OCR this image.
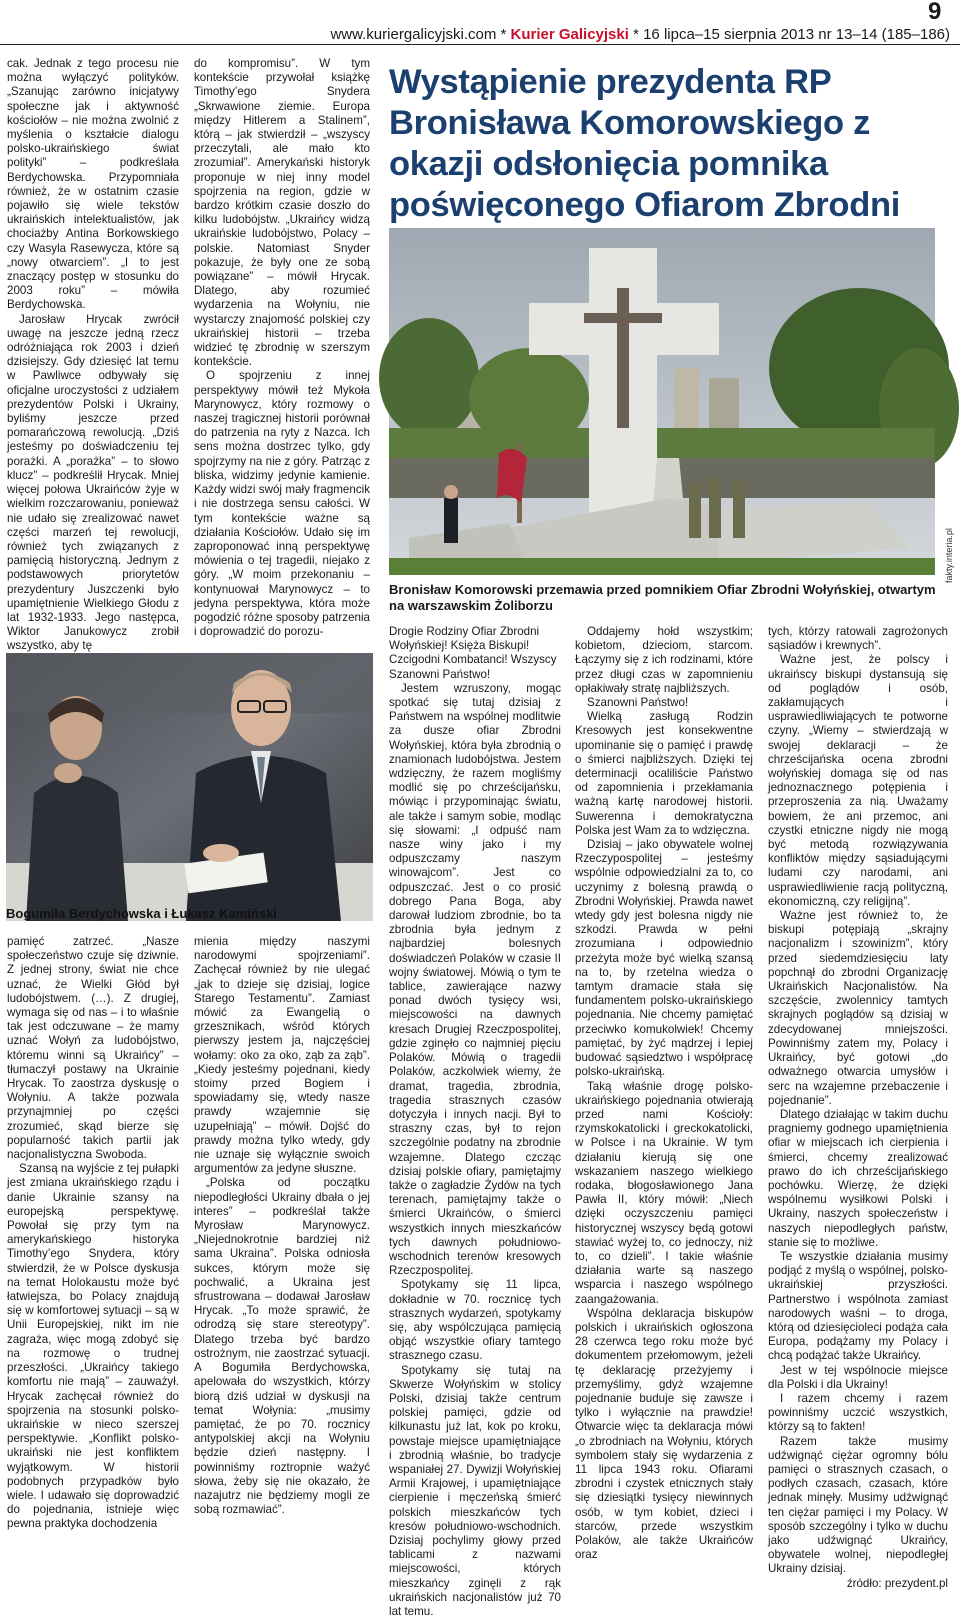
9
www.kuriergalicyjski.com * Kurier Galicyjski * 16 lipca–15 sierpnia 2013 nr 13–14 (185–186)

cak. Jednak z tego procesu nie można wyłączyć polityków. „Szanując zarówno inicjatywy społeczne jak i aktywność kościołów – nie można zwolnić z myślenia o kształcie dialogu polsko-ukraińskiego świat polityki” – podkreślała Berdychowska. Przypomniała również, że w ostatnim czasie pojawiło się wiele tekstów ukraińskich intelektualistów, jak chociażby Antina Borkowskiego czy Wasyla Rasewycza, które są „nowy otwarciem”. „I to jest znaczący postęp w stosunku do 2003 roku” – mówiła Berdychowska.

Jarosław Hrycak zwrócił uwagę na jeszcze jedną rzecz odróżniająca rok 2003 i dzień dzisiejszy. Gdy dziesięć lat temu w Pawliwce odbywały się oficjalne uroczystości z udziałem prezydentów Polski i Ukrainy, byliśmy jeszcze przed pomarańczową rewolucją. „Dziś jesteśmy po doświadczeniu tej porażki. A „porażka” – to słowo klucz” – podkreślił Hrycak. Mniej więcej połowa Ukraińców żyje w wielkim rozczarowaniu, ponieważ nie udało się zrealizować nawet części marzeń tej rewolucji, również tych związanych z pamięcią historyczną. Jednym z podstawowych priorytetów prezydentury Juszczenki było upamiętnienie Wielkiego Głodu z lat 1932-1933. Jego następca, Wiktor Janukowycz zrobił wszystko, aby tę

do kompromisu”. W tym kontekście przywołał książkę Timothy’ego Snydera „Skrwawione ziemie. Europa między Hitlerem a Stalinem”, którą – jak stwierdził – „wszyscy przeczytali, ale mało kto zrozumiał”. Amerykański historyk proponuje w niej inny model spojrzenia na region, gdzie w bardzo krótkim czasie doszło do kilku ludobójstw. „Ukraińcy widzą ukraińskie ludobójstwo, Polacy – polskie. Natomiast Snyder pokazuje, że były one ze sobą powiązane” – mówił Hrycak. Dlatego, aby rozumieć wydarzenia na Wołyniu, nie wystarczy znajomość polskiej czy ukraińskiej historii – trzeba widzieć tę zbrodnię w szerszym kontekście.

O spojrzeniu z innej perspektywy mówił też Mykoła Marynowycz, który rozmowy o naszej tragicznej historii porównał do patrzenia na ryty z Nazca. Ich sens można dostrzec tylko, gdy spojrzymy na nie z góry. Patrząc z bliska, widzimy jedynie kamienie. Każdy widzi swój mały fragmencik i nie dostrzega sensu całości. W tym kontekście ważne są działania Kościołów. Udało się im zaproponować inną perspektywę mówienia o tej tragedii, niejako z góry. „W moim przekonaniu – kontynuował Marynowycz – to jedyna perspektywa, która może pogodzić różne sposoby patrzenia i doprowadzić do porozu-

Bogumiła Berdychowska i Łukasz Kamiński

pamięć zatrzeć. „Nasze społeczeństwo czuje się dziwnie. Z jednej strony, świat nie chce uznać, że Wielki Głód był ludobójstwem. (…). Z drugiej, wymaga się od nas – i to właśnie tak jest odczuwane – że mamy uznać Wołyń za ludobójstwo, któremu winni są Ukraińcy” – tłumaczył postawy na Ukrainie Hrycak. To zaostrza dyskusję o Wołyniu. A także pozwala przynajmniej po części zrozumieć, skąd bierze się popularność takich partii jak nacjonalistyczna Swoboda.

Szansą na wyjście z tej pułapki jest zmiana ukraińskiego rządu i danie Ukrainie szansy na europejską perspektywę. Powołał się przy tym na amerykańskiego historyka Timothy’ego Snydera, który stwierdził, że w Polsce dyskusja na temat Holokaustu może być łatwiejsza, bo Polacy znajdują się w komfortowej sytuacji – są w Unii Europejskiej, nikt im nie zagraża, więc mogą zdobyć się na rozmowę o trudnej przeszłości. „Ukraińcy takiego komfortu nie mają” – zauważył. Hrycak zachęcał również do spojrzenia na stosunki polsko-ukraińskie w nieco szerszej perspektywie. „Konflikt polsko-ukraiński nie jest konfliktem wyjątkowym. W historii podobnych przypadków było wiele. I udawało się doprowadzić do pojednania, istnieje więc pewna praktyka dochodzenia

mienia między naszymi narodowymi spojrzeniami”. Zachęcał również by nie ulegać „jak to dzieje się dzisiaj, logice Starego Testamentu”. Zamiast mówić za Ewangelią o grzesznikach, wśród których pierwszy jestem ja, najczęściej wołamy: oko za oko, ząb za ząb”. „Kiedy jesteśmy pojednani, kiedy stoimy przed Bogiem i spowiadamy się, wtedy nasze prawdy wzajemnie się uzupełniają” – mówił. Dojść do prawdy można tylko wtedy, gdy nie uznaje się wyłącznie swoich argumentów za jedyne słuszne.

„Polska od początku niepodległości Ukrainy dbała o jej interes” – podkreślał także Myrosław Marynowycz. „Niejednokrotnie bardziej niż sama Ukraina”. Polska odniosła sukces, którym może się pochwalić, a Ukraina jest sfrustrowana – dodawał Jarosław Hrycak. „To może sprawić, że odrodzą się stare stereotypy”. Dlatego trzeba być bardzo ostrożnym, nie zaostrzać sytuacji. A Bogumiła Berdychowska, apelowała do wszystkich, którzy biorą dziś udział w dyskusji na temat Wołynia: „musimy pamiętać, że po 70. rocznicy antypolskiej akcji na Wołyniu będzie dzień następny. I powinniśmy roztropnie ważyć słowa, żeby się nie okazało, że nazajutrz nie będziemy mogli ze sobą rozmawiać”.

Wystąpienie prezydenta RP Bronisława Komorowskiego z okazji odsłonięcia pomnika poświęconego Ofiarom Zbrodni
fakty.interia.pl
Bronisław Komorowski przemawia przed pomnikiem Ofiar Zbrodni Wołyńskiej, otwartym na warszawskim Żoliborzu

Drogie Rodziny Ofiar Zbrodni Wołyńskiej! Księża Biskupi! Czcigodni Kombatanci! Wszyscy Szanowni Państwo!

Jestem wzruszony, mogąc spotkać się tutaj dzisiaj z Państwem na wspólnej modlitwie za dusze ofiar Zbrodni Wołyńskiej, która była zbrodnią o znamionach ludobójstwa. Jestem wdzięczny, że razem mogliśmy modlić się po chrześcijańsku, mówiąc i przypominając światu, ale także i samym sobie, modląc się słowami: „I odpuść nam nasze winy jako i my odpuszczamy naszym winowajcom”. Jest co odpuszczać. Jest o co prosić dobrego Pana Boga, aby darował ludziom zbrodnie, bo ta zbrodnia była jednym z najbardziej bolesnych doświadczeń Polaków w czasie II wojny światowej. Mówią o tym te tablice, zawierające nazwy ponad dwóch tysięcy wsi, miejscowości na dawnych kresach Drugiej Rzeczpospolitej, gdzie zginęło co najmniej pięciu Polaków. Mówią o tragedii Polaków, aczkolwiek wiemy, że dramat, tragedia, zbrodnia, tragedia strasznych czasów dotyczyła i innych nacji. Był to straszny czas, był to rejon szczególnie podatny na zbrodnie wzajemne. Dlatego czcząc dzisiaj polskie ofiary, pamiętajmy także o zagładzie Żydów na tych terenach, pamiętajmy także o śmierci Ukraińców, o śmierci wszystkich innych mieszkańców tych dawnych południowo-wschodnich terenów kresowych Rzeczpospolitej.

Spotykamy się 11 lipca, dokładnie w 70. rocznicę tych strasznych wydarzeń, spotykamy się, aby wspólczująca pamięcią objąć wszystkie ofiary tamtego strasznego czasu.

Spotykamy się tutaj na Skwerze Wołyńskim w stolicy Polski, dzisiaj także centrum polskiej pamięci, gdzie od kilkunastu już lat, kok po kroku, powstaje miejsce upamiętniające i zbrodnią właśnie, bo tradycje wspaniałej 27. Dywizji Wołyńskiej Armii Krajowej, i upamiętniające cierpienie i męczeńską śmierć polskich mieszkańców tych kresów południowo-wschodnich. Dzisiaj pochylimy głowy przed tablicami z nazwami miejscowości, których mieszkańcy zginęli z rąk ukraińskich nacjonalistów już 70 lat temu.

Oddajemy hołd wszystkim; kobietom, dzieciom, starcom. Łączymy się z ich rodzinami, które przez długi czas w zapomnieniu opłakiwały stratę najbliższych.

Szanowni Państwo!

Wielką zasługą Rodzin Kresowych jest konsekwentne upominanie się o pamięć i prawdę o śmierci najbliższych. Dzięki tej determinacji ocaliliście Państwo od zapomnienia i przekłamania ważną kartę narodowej historii. Suwerenna i demokratyczna Polska jest Wam za to wdzięczna.

Dzisiaj – jako obywatele wolnej Rzeczypospolitej – jesteśmy wspólnie odpowiedzialni za to, co uczynimy z bolesną prawdą o Zbrodni Wołyńskiej. Prawda nawet wtedy gdy jest bolesna nigdy nie szkodzi. Prawda w pełni zrozumiana i odpowiednio przeżyta może być wielką szansą na to, by rzetelna wiedza o tamtym dramacie stała się fundamentem polsko-ukraińskiego pojednania. Nie chcemy pamiętać przeciwko komukolwiek! Chcemy pamiętać, by żyć mądrzej i lepiej budować sąsiedztwo i współpracę polsko-ukraińską.

Taką właśnie drogę polsko-ukraińskiego pojednania otwierają przed nami Kościoły: rzymskokatolicki i greckokatolicki, w Polsce i na Ukrainie. W tym działaniu kierują się one wskazaniem naszego wielkiego rodaka, błogosławionego Jana Pawła II, który mówił: „Niech dzięki oczyszczeniu pamięci historycznej wszyscy będą gotowi stawiać wyżej to, co jednoczy, niż to, co dzieli”. I takie właśnie działania warte są naszego wsparcia i naszego wspólnego zaangażowania.

Wspólna deklaracja biskupów polskich i ukraińskich ogłoszona 28 czerwca tego roku może być dokumentem przełomowym, jeżeli tę deklarację przeżyjemy i przemyślimy, gdyż wzajemne pojednanie buduje się zawsze i tylko i wyłącznie na prawdzie! Otwarcie więc ta deklaracja mówi „o zbrodniach na Wołyniu, których symbolem stały się wydarzenia z 11 lipca 1943 roku. Ofiarami zbrodni i czystek etnicznych stały się dziesiątki tysięcy niewinnych osób, w tym kobiet, dzieci i starców, przede wszystkim Polaków, ale także Ukraińców oraz

tych, którzy ratowali zagrożonych sąsiadów i krewnych”.

Ważne jest, że polscy i ukraińscy biskupi dystansują się od poglądów i osób, zakłamujących i usprawiedliwiających te potworne czyny. „Wiemy – stwierdzają w swojej deklaracji – że chrześcijańska ocena zbrodni wołyńskiej domaga się od nas jednoznacznego potępienia i przeproszenia za nią. Uważamy bowiem, że ani przemoc, ani czystki etniczne nigdy nie mogą być metodą rozwiązywania konfliktów między sąsiadującymi ludami czy narodami, ani usprawiedliwienie racją polityczną, ekonomiczną, czy religijną”.

Ważne jest również to, że biskupi potępiają „skrajny nacjonalizm i szowinizm”, który przed siedemdziesięciu laty popchnął do zbrodni Organizację Ukraińskich Nacjonalistów. Na szczęście, zwolennicy tamtych skrajnych poglądów są dzisiaj w zdecydowanej mniejszości. Powinniśmy zatem my, Polacy i Ukraińcy, być gotowi „do odważnego otwarcia umysłów i serc na wzajemne przebaczenie i pojednanie”.

Dlatego działając w takim duchu pragniemy godnego upamiętnienia ofiar w miejscach ich cierpienia i śmierci, chcemy zrealizować prawo do ich chrześcijańskiego pochówku. Wierzę, że dzięki wspólnemu wysiłkowi Polski i Ukrainy, naszych społeczeństw i naszych niepodległych państw, stanie się to możliwe.

Te wszystkie działania musimy podjąć z myślą o wspólnej, polsko-ukraińskiej przyszłości. Partnerstwo i wspólnota zamiast narodowych waśni – to droga, którą od dziesięcioleci podąża cała Europa, podążamy my Polacy i chcą podążać także Ukraińcy.

Jest w tej wspólnocie miejsce dla Polski i dla Ukrainy!

I razem chcemy i razem powinniśmy uczcić wszystkich, którzy są to fakten!

Razem także musimy udźwignąć ciężar ogromny bólu pamięci o strasznych czasach, o podłych czasach, czasach, które jednak minęły. Musimy udźwignąć ten ciężar pamięci i my Polacy. W sposób szczególny i tylko w duchu jako udźwignąć Ukraińcy, obywatele wolnej, niepodległej Ukrainy dzisiaj.

źródło: prezydent.pl
